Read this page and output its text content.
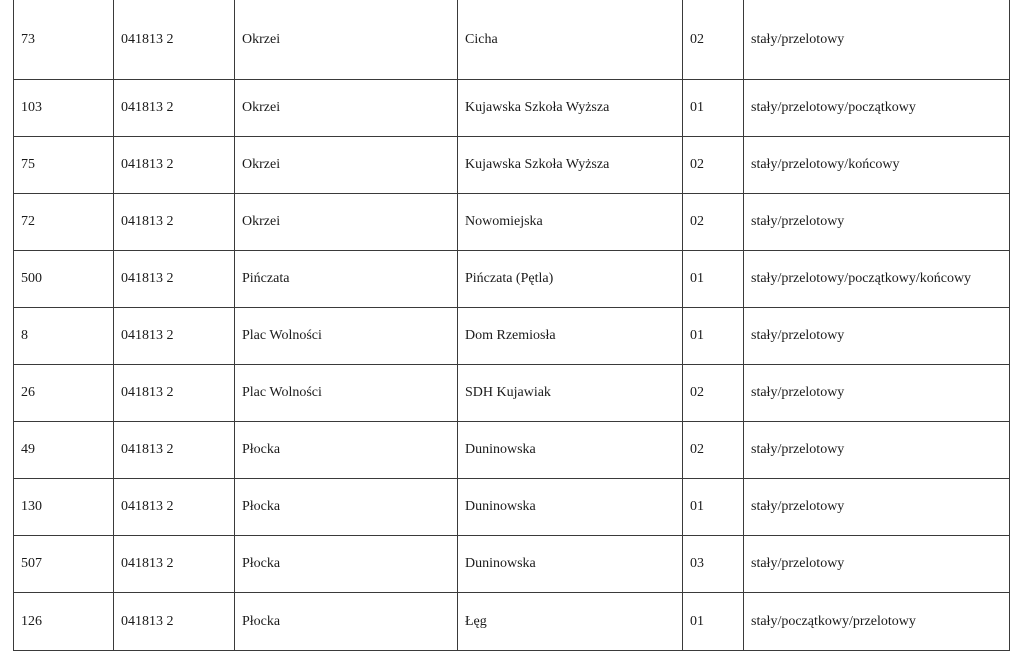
73	041813 2	Okrzei	Cicha	02	stały/przelotowy
103	041813 2	Okrzei	Kujawska Szkoła Wyższa	01	stały/przelotowy/początkowy
75	041813 2	Okrzei	Kujawska Szkoła Wyższa	02	stały/przelotowy/końcowy
72	041813 2	Okrzei	Nowomiejska	02	stały/przelotowy
500	041813 2	Pińczata	Pińczata (Pętla)	01	stały/przelotowy/początkowy/końcowy
8	041813 2	Plac Wolności	Dom Rzemiosła	01	stały/przelotowy
26	041813 2	Plac Wolności	SDH Kujawiak	02	stały/przelotowy
49	041813 2	Płocka	Duninowska	02	stały/przelotowy
130	041813 2	Płocka	Duninowska	01	stały/przelotowy
507	041813 2	Płocka	Duninowska	03	stały/przelotowy
126	041813 2	Płocka	Łęg	01	stały/początkowy/przelotowy
